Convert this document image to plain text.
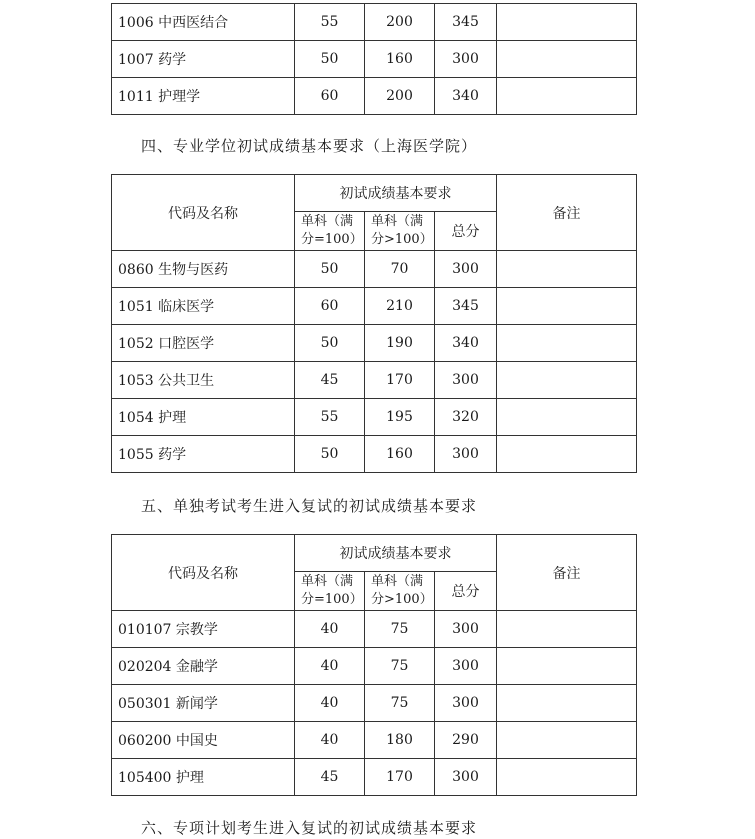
1006 中西医结合	55	200	345	
1007 药学	50	160	300	
1011 护理学	60	200	340	
四、专业学位初试成绩基本要求（上海医学院）
代码及名称	初试成绩基本要求			备注
	单科（满分=100）	单科（满分>100）	总分	
0860 生物与医药	50	70	300	
1051 临床医学	60	210	345	
1052 口腔医学	50	190	340	
1053 公共卫生	45	170	300	
1054 护理	55	195	320	
1055 药学	50	160	300	
五、单独考试考生进入复试的初试成绩基本要求
代码及名称	初试成绩基本要求			备注
	单科（满分=100）	单科（满分>100）	总分	
010107 宗教学	40	75	300	
020204 金融学	40	75	300	
050301 新闻学	40	75	300	
060200 中国史	40	180	290	
105400 护理	45	170	300	
六、专项计划考生进入复试的初试成绩基本要求
